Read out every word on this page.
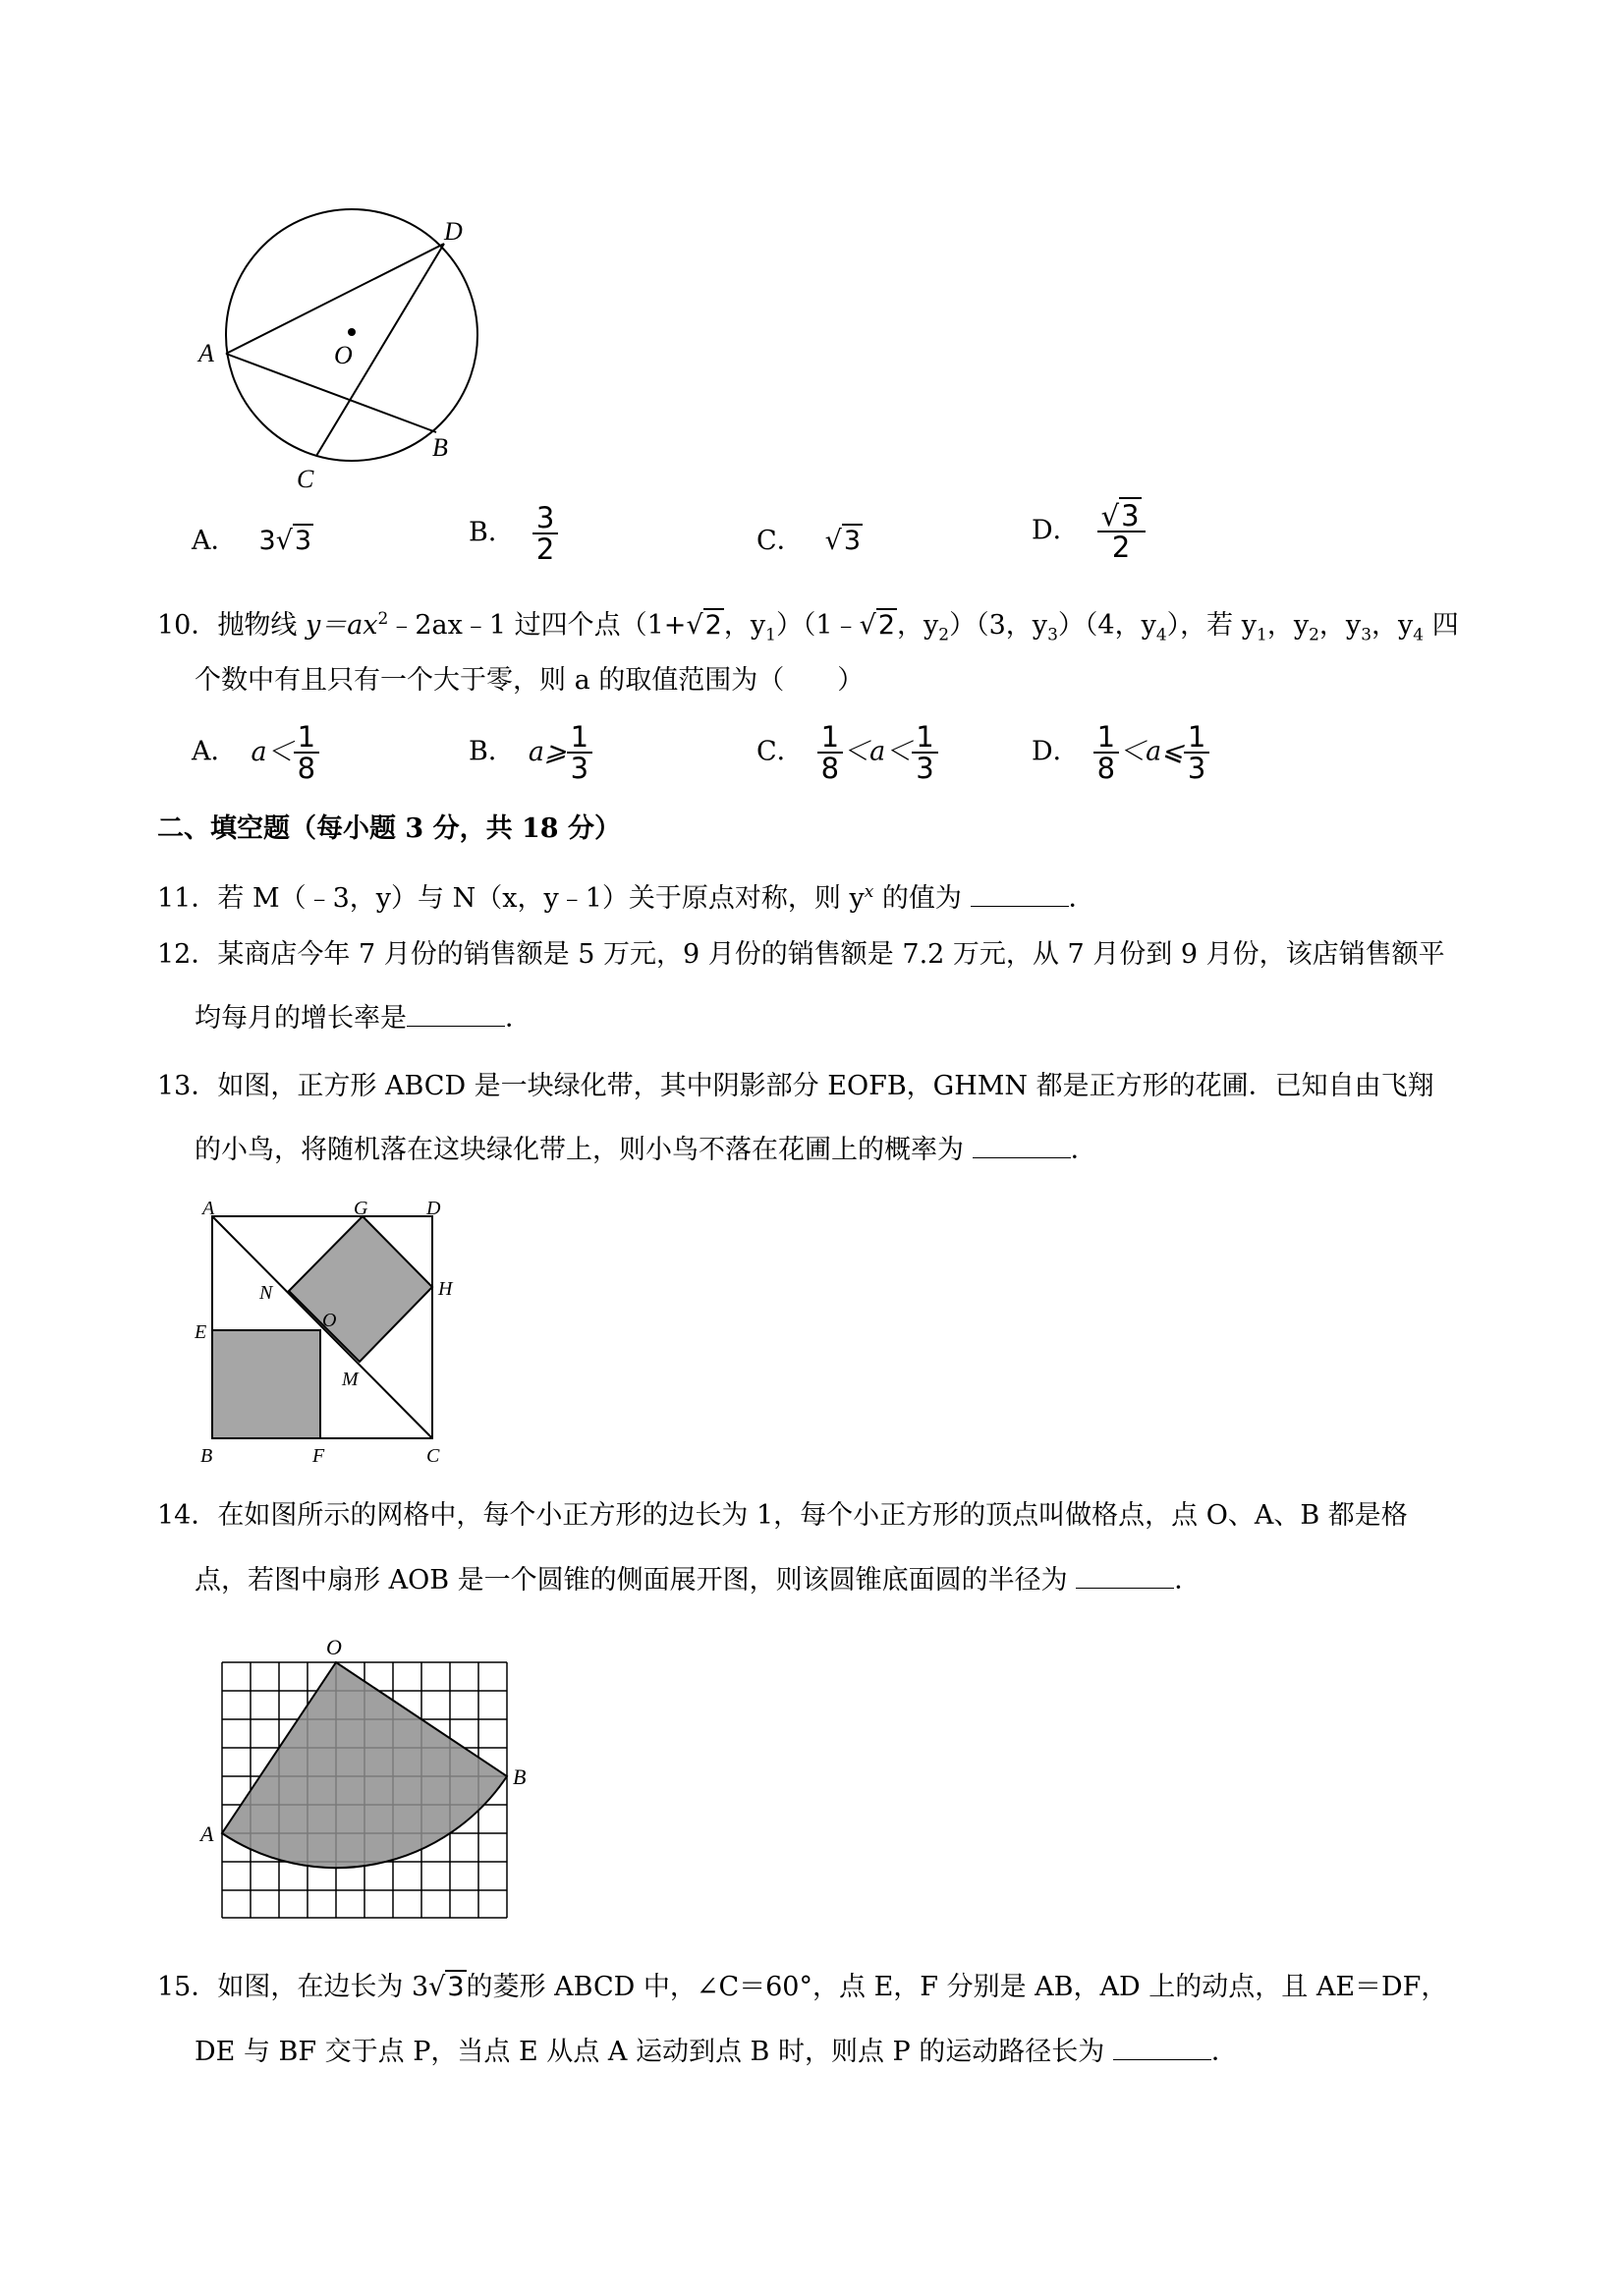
A
D
O
B
C
A． 3√3	B． $\frac{3}{2}$	C． √3	D． $\frac{√3}{2}$
10．抛物线 $y=ax^2﹣2ax﹣1$ 过四个点（1+√2，$y_1)(1﹣√2$，$y_2)(3$，$y_3)(4$，$y_4$），若 $y_1$，$y_2$，$y_3$，$y_4$ 四
个数中有且只有一个大于零，则 a 的取值范围为（　　）
A． $a< \frac{1}{8}$	B． a⩾ $\frac{1}{3}$	C． $\frac{1}{8} <a< \frac{1}{3}$	D． $\frac{1}{8}$ ＜a⩽ $\frac{1}{3}$
二、填空题（每小题 3 分，共 18 分）
11．若 M（﹣3，y）与 N（x，y﹣1）关于原点对称，则 $y^x$ 的值为	．
12．某商店今年 7 月份的销售额是 5 万元，9 月份的销售额是 7.2 万元，从 7 月份到 9 月份，该店销售额平
均每月的增长率是	．
13．如图，正方形 ABCD 是一块绿化带，其中阴影部分 EOFB，GHMN 都是正方形的花圃．已知自由飞翔
的小鸟，将随机落在这块绿化带上，则小鸟不落在花圃上的概率为	．
A	G	D
N	H
O
E
M
B	F	C
14．在如图所示的网格中，每个小正方形的边长为 1，每个小正方形的顶点叫做格点，点 O、A、B 都是格
点，若图中扇形 AOB 是一个圆锥的侧面展开图，则该圆锥底面圆的半径为	．
O
A
B
15．如图，在边长为 3√3的菱形 ABCD 中，∠C＝60°，点 E，F 分别是 AB，AD 上的动点，且 AE＝DF，
DE 与 BF 交于点 P，当点 E 从点 A 运动到点 B 时，则点 P 的运动路径长为	．
